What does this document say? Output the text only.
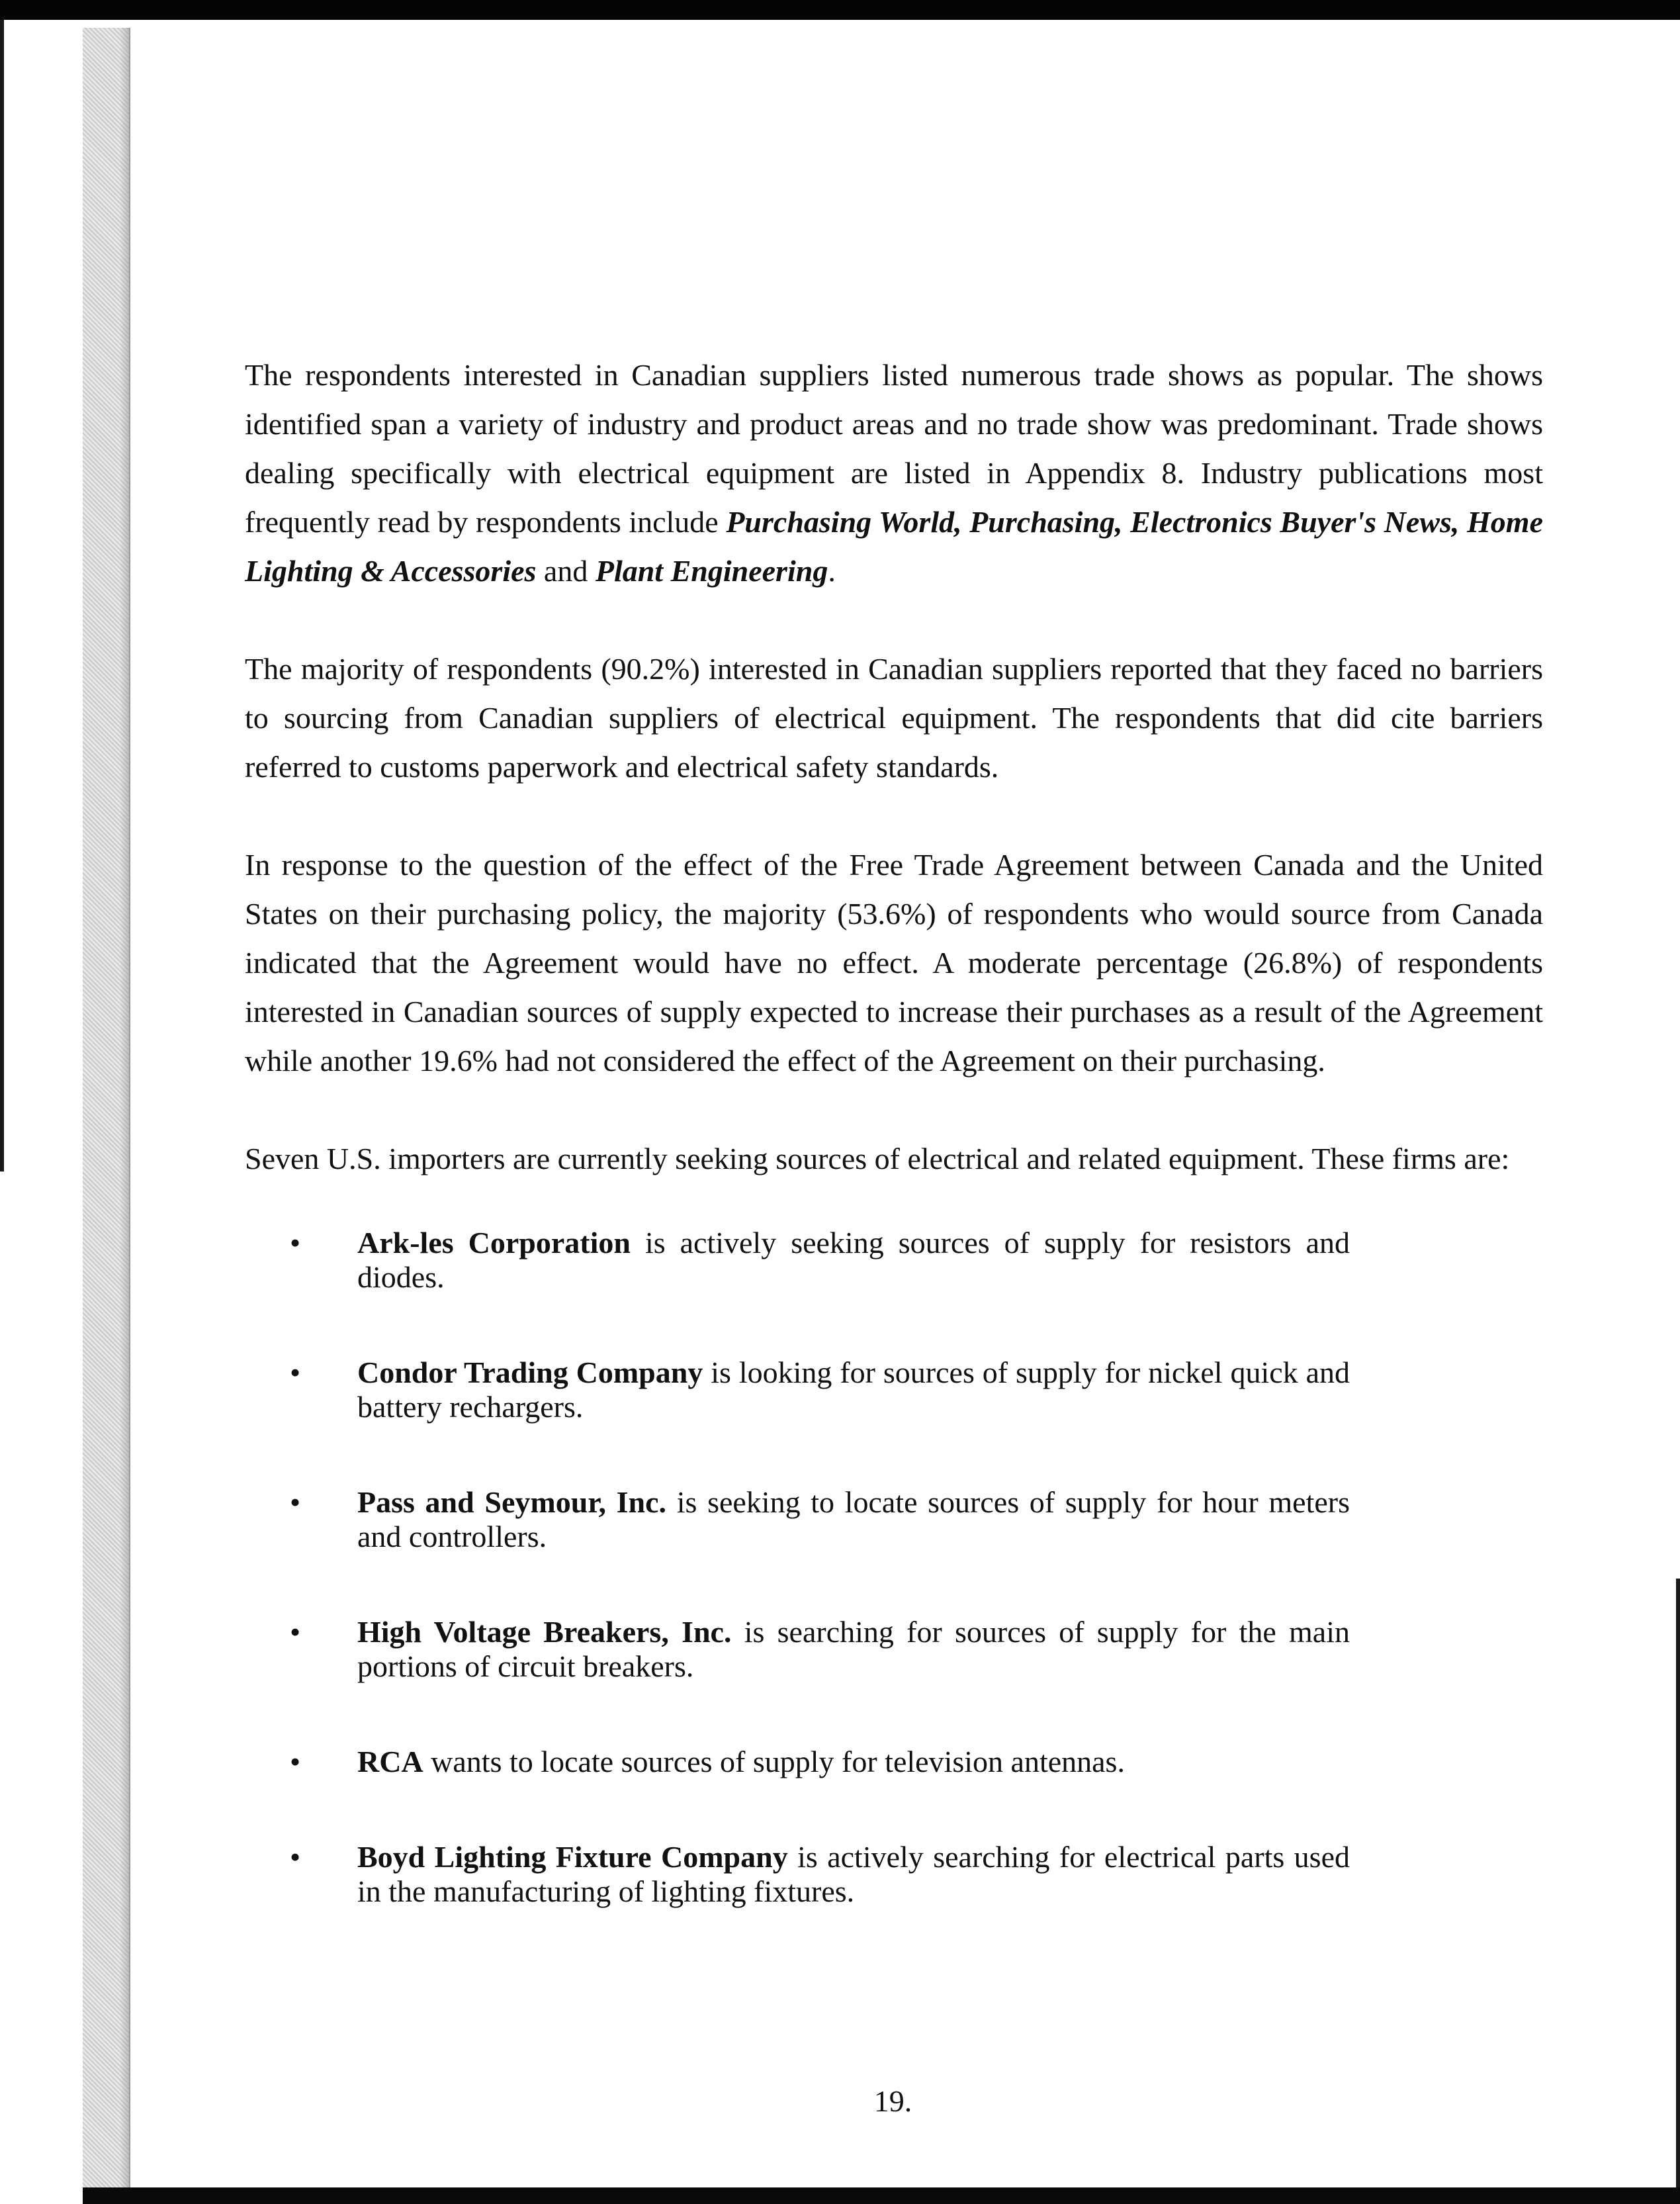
The respondents interested in Canadian suppliers listed numerous trade shows as popular. The shows identified span a variety of industry and product areas and no trade show was predominant. Trade shows dealing specifically with electrical equipment are listed in Appendix 8. Industry publications most frequently read by respondents include Purchasing World, Purchasing, Electronics Buyer's News, Home Lighting & Accessories and Plant Engineering.

The majority of respondents (90.2%) interested in Canadian suppliers reported that they faced no barriers to sourcing from Canadian suppliers of electrical equipment. The respondents that did cite barriers referred to customs paperwork and electrical safety standards.

In response to the question of the effect of the Free Trade Agreement between Canada and the United States on their purchasing policy, the majority (53.6%) of respondents who would source from Canada indicated that the Agreement would have no effect. A moderate percentage (26.8%) of respondents interested in Canadian sources of supply expected to increase their purchases as a result of the Agreement while another 19.6% had not considered the effect of the Agreement on their purchasing.

Seven U.S. importers are currently seeking sources of electrical and related equipment. These firms are:

• Ark-les Corporation is actively seeking sources of supply for resistors and diodes.
• Condor Trading Company is looking for sources of supply for nickel quick and battery rechargers.
• Pass and Seymour, Inc. is seeking to locate sources of supply for hour meters and controllers.
• High Voltage Breakers, Inc. is searching for sources of supply for the main portions of circuit breakers.
• RCA wants to locate sources of supply for television antennas.
• Boyd Lighting Fixture Company is actively searching for electrical parts used in the manufacturing of lighting fixtures.
19.
